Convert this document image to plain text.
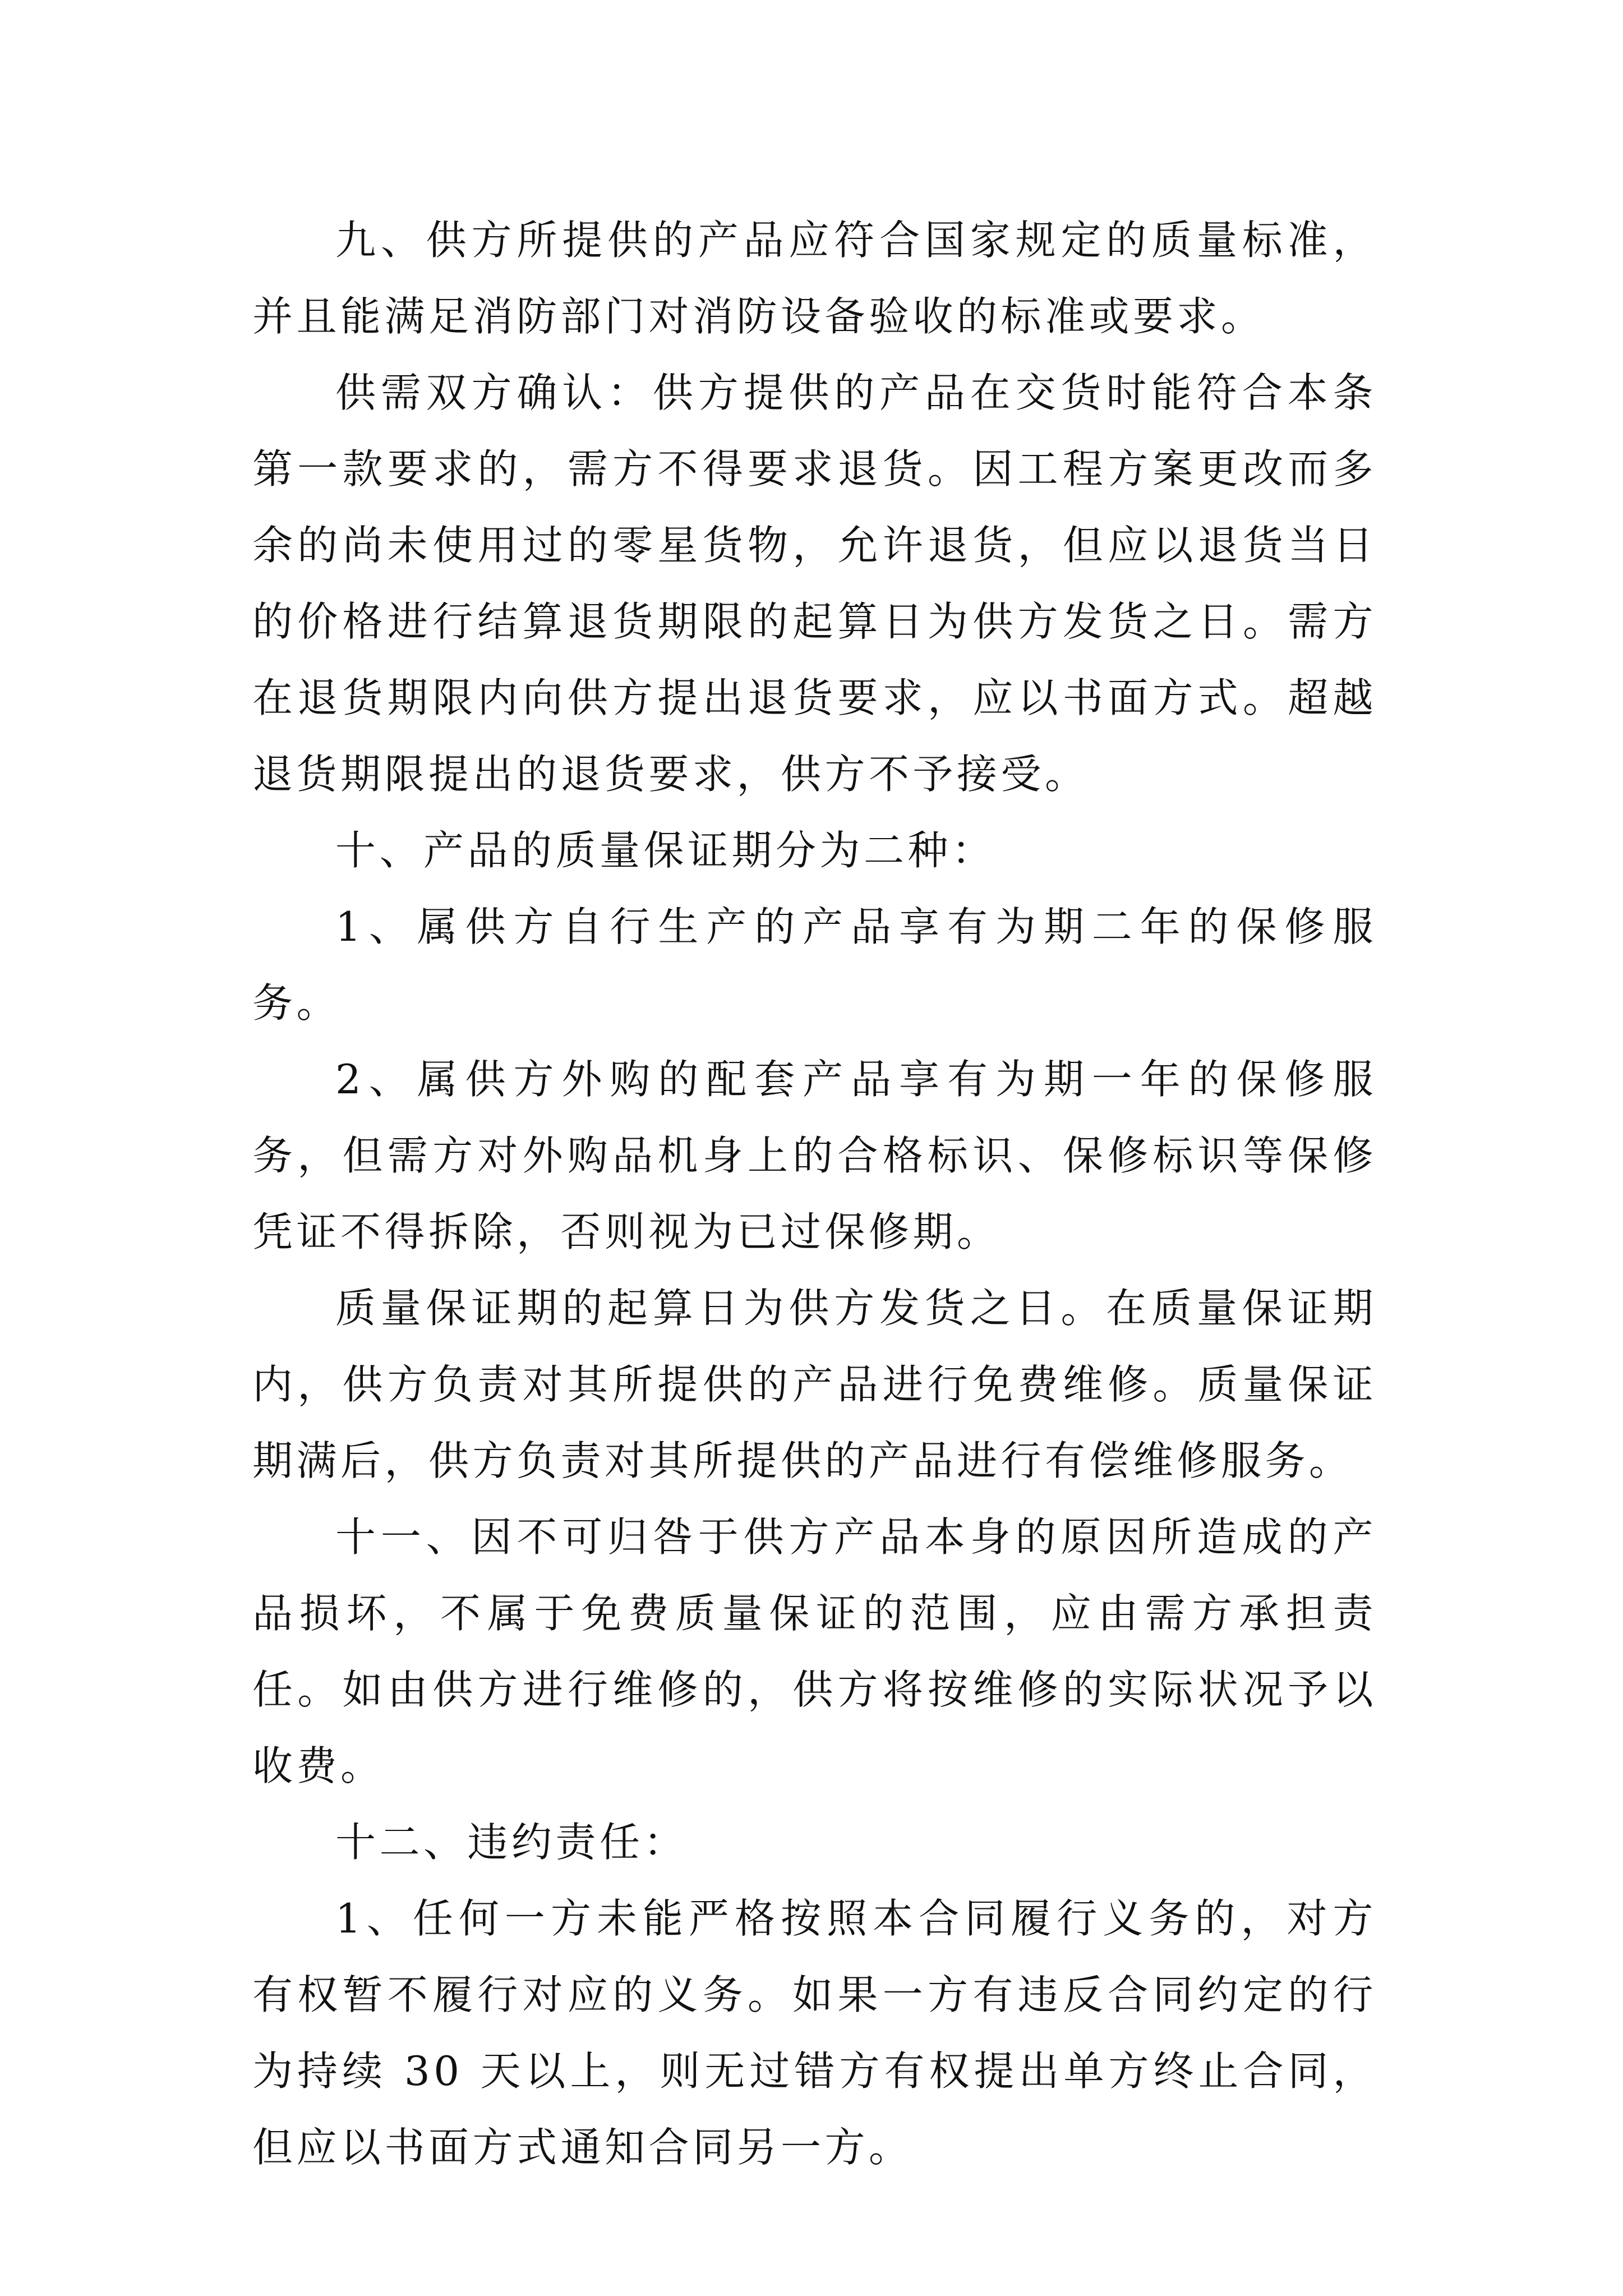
九、供方所提供的产品应符合国家规定的质量标准，并且能满足消防部门对消防设备验收的标准或要求。

供需双方确认：供方提供的产品在交货时能符合本条第一款要求的，需方不得要求退货。因工程方案更改而多余的尚未使用过的零星货物，允许退货，但应以退货当日的价格进行结算退货期限的起算日为供方发货之日。需方在退货期限内向供方提出退货要求，应以书面方式。超越退货期限提出的退货要求，供方不予接受。

十、产品的质量保证期分为二种：

1、属供方自行生产的产品享有为期二年的保修服务。

2、属供方外购的配套产品享有为期一年的保修服务，但需方对外购品机身上的合格标识、保修标识等保修凭证不得拆除，否则视为已过保修期。

质量保证期的起算日为供方发货之日。在质量保证期内，供方负责对其所提供的产品进行免费维修。质量保证期满后，供方负责对其所提供的产品进行有偿维修服务。

十一、因不可归咎于供方产品本身的原因所造成的产品损坏，不属于免费质量保证的范围，应由需方承担责任。如由供方进行维修的，供方将按维修的实际状况予以收费。

十二、违约责任：

1、任何一方未能严格按照本合同履行义务的，对方有权暂不履行对应的义务。如果一方有违反合同约定的行为持续 30 天以上，则无过错方有权提出单方终止合同，但应以书面方式通知合同另一方。
